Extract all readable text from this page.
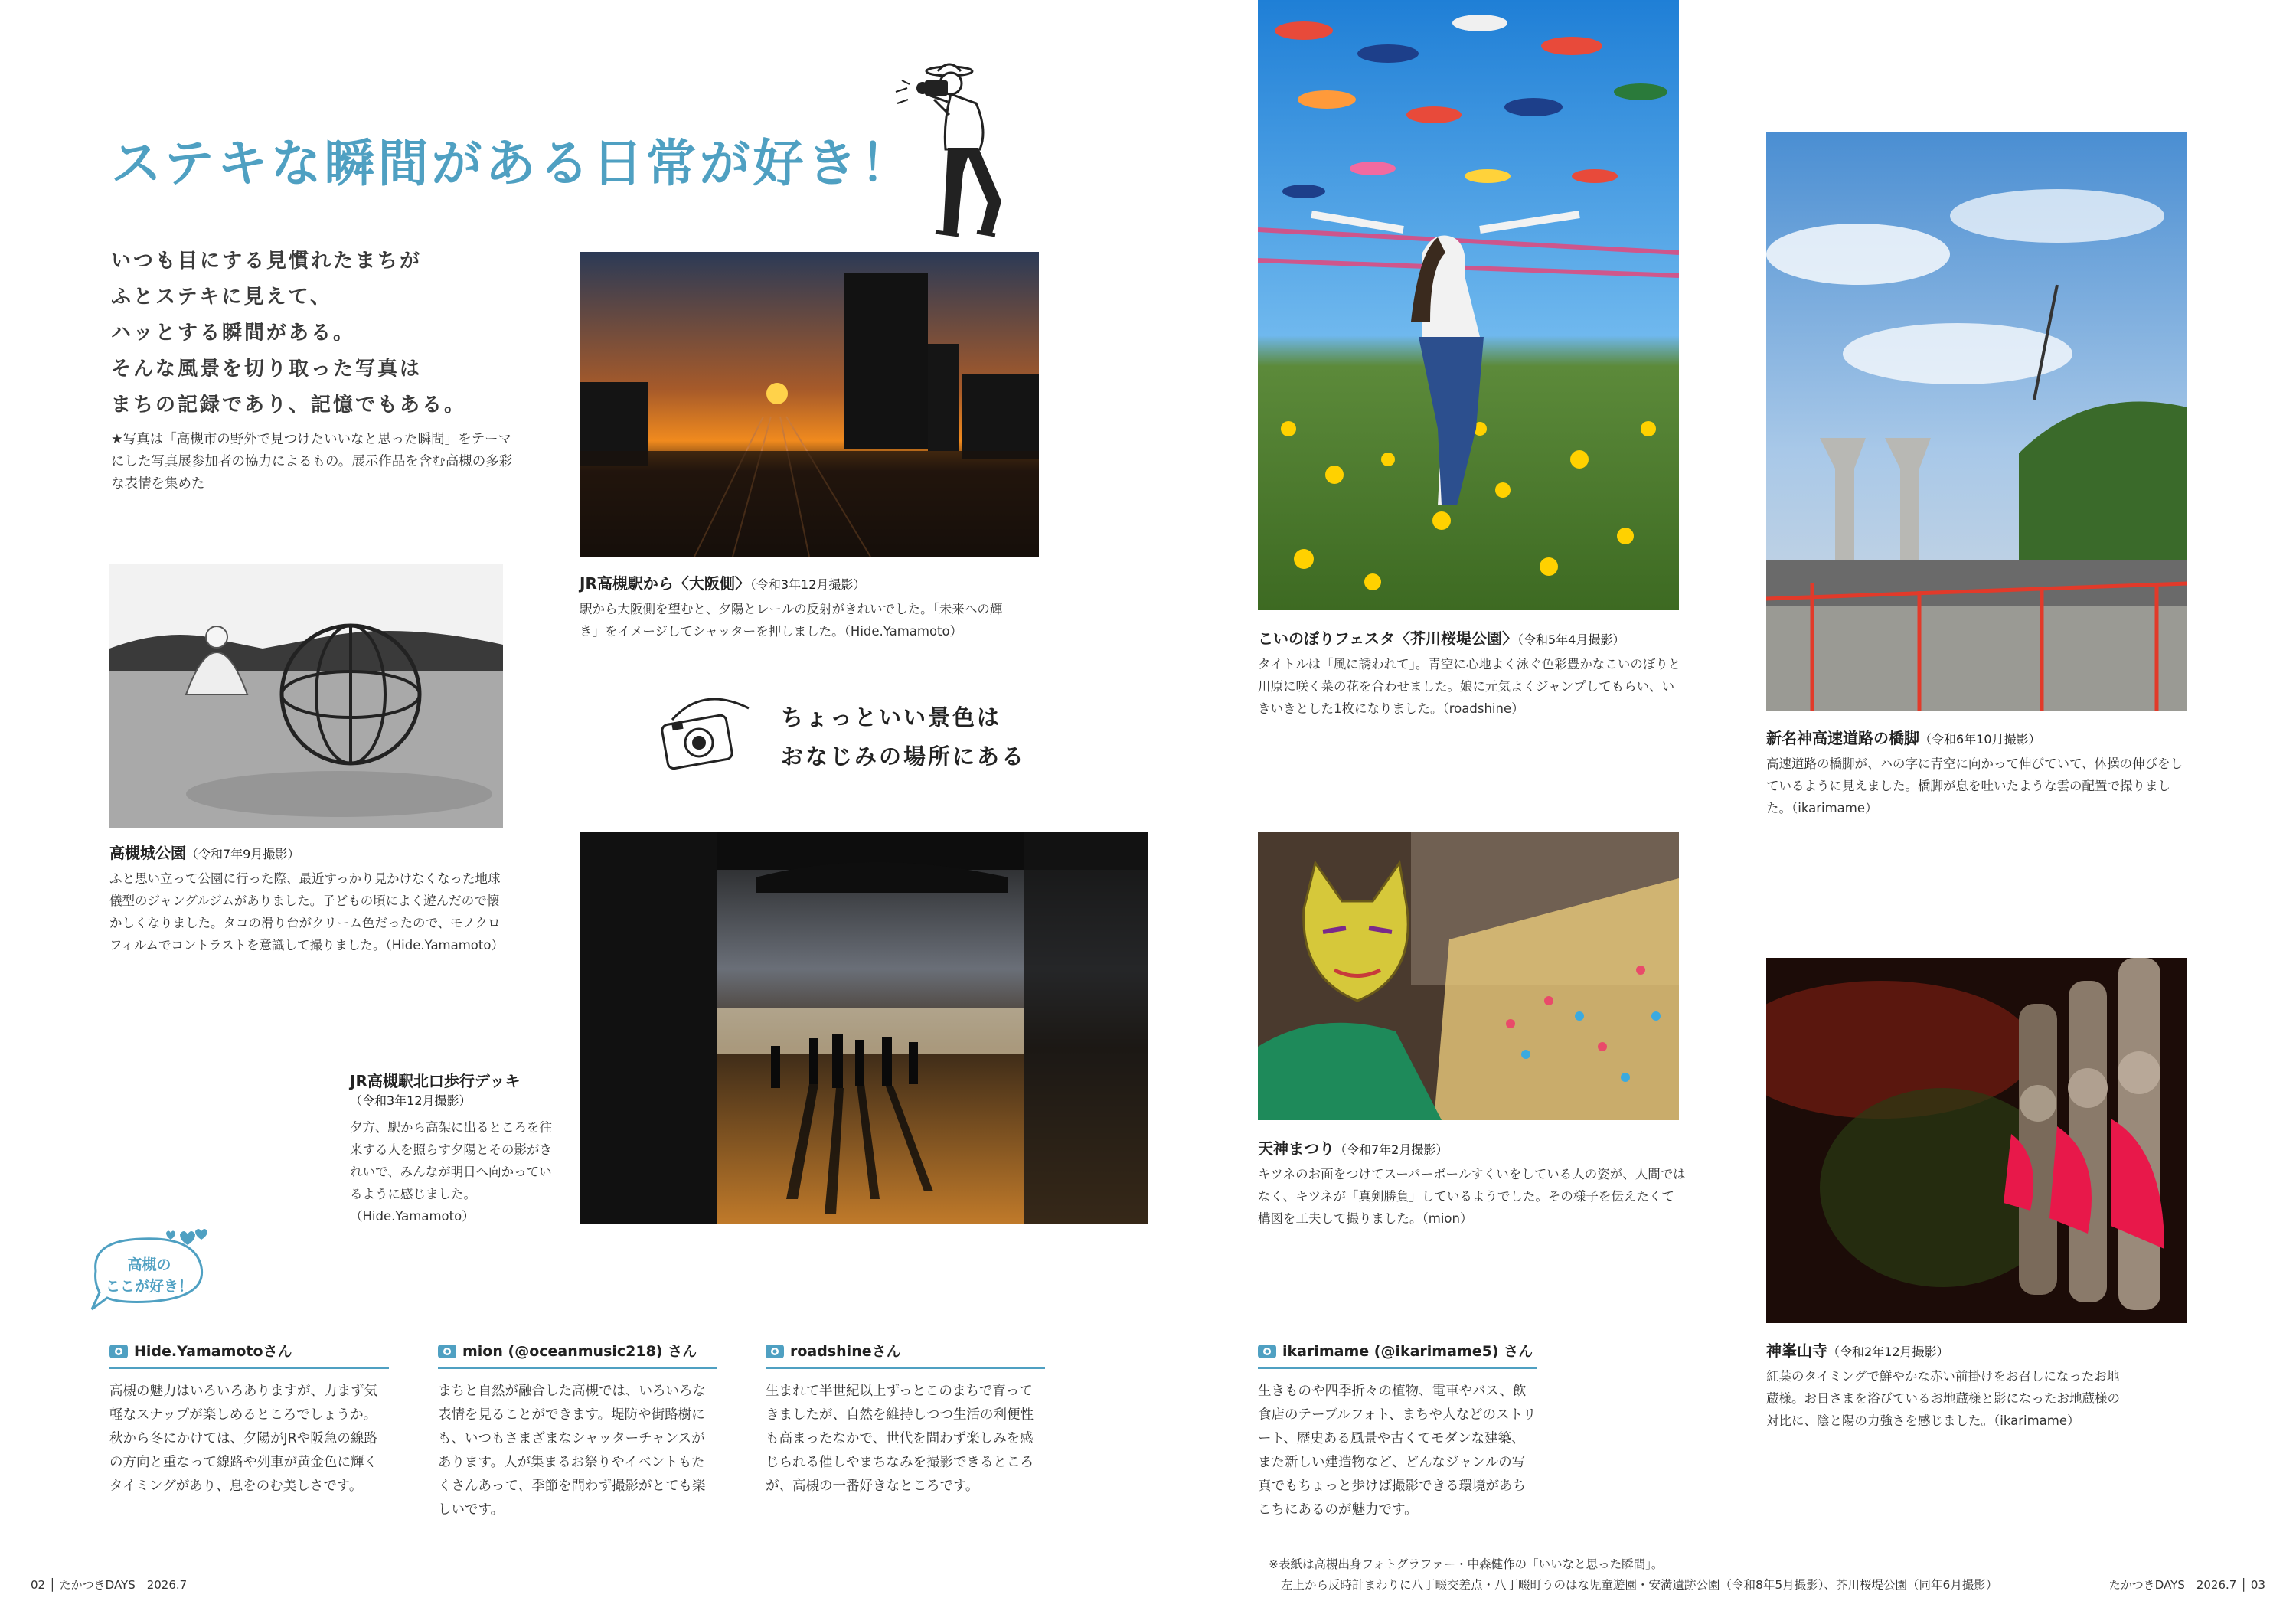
ステキな瞬間がある日常が好き！
いつも目にする見慣れたまちが
ふとステキに見えて、
ハッとする瞬間がある。
そんな風景を切り取った写真は
まちの記録であり、記憶でもある。
★写真は「高槻市の野外で見つけたいいなと思った瞬間」をテーマにした写真展参加者の協力によるもの。展示作品を含む高槻の多彩な表情を集めた
JR高槻駅から〈大阪側〉（令和3年12月撮影）
駅から大阪側を望むと、夕陽とレールの反射がきれいでした。「未来への輝き」をイメージしてシャッターを押しました。（Hide.Yamamoto）
高槻城公園（令和7年9月撮影）
ふと思い立って公園に行った際、最近すっかり見かけなくなった地球儀型のジャングルジムがありました。子どもの頃によく遊んだので懐かしくなりました。タコの滑り台がクリーム色だったので、モノクロフィルムでコントラストを意識して撮りました。（Hide.Yamamoto）
ちょっといい景色は
おなじみの場所にある
JR高槻駅北口歩行デッキ
（令和3年12月撮影）
夕方、駅から高架に出るところを往来する人を照らす夕陽とその影がきれいで、みんなが明日へ向かっているように感じました。（Hide.Yamamoto）
高槻の
ここが好き！
Hide.Yamamotoさん
高槻の魅力はいろいろありますが、力まず気軽なスナップが楽しめるところでしょうか。秋から冬にかけては、夕陽がJRや阪急の線路の方向と重なって線路や列車が黄金色に輝くタイミングがあり、息をのむ美しさです。
mion (@oceanmusic218) さん
まちと自然が融合した高槻では、いろいろな表情を見ることができます。堤防や街路樹にも、いつもさまざまなシャッターチャンスがあります。人が集まるお祭りやイベントもたくさんあって、季節を問わず撮影がとても楽しいです。
roadshineさん
生まれて半世紀以上ずっとこのまちで育ってきましたが、自然を維持しつつ生活の利便性も高まったなかで、世代を問わず楽しみを感じられる催しやまちなみを撮影できるところが、高槻の一番好きなところです。
ikarimame (@ikarimame5) さん
生きものや四季折々の植物、電車やバス、飲食店のテーブルフォト、まちや人などのストリート、歴史ある風景や古くてモダンな建築、また新しい建造物など、どんなジャンルの写真でもちょっと歩けば撮影できる環境があちこちにあるのが魅力です。
こいのぼりフェスタ〈芥川桜堤公園〉（令和5年4月撮影）
タイトルは「風に誘われて」。青空に心地よく泳ぐ色彩豊かなこいのぼりと川原に咲く菜の花を合わせました。娘に元気よくジャンプしてもらい、いきいきとした1枚になりました。（roadshine）
天神まつり（令和7年2月撮影）
キツネのお面をつけてスーパーボールすくいをしている人の姿が、人間ではなく、キツネが「真剣勝負」しているようでした。その様子を伝えたくて構図を工夫して撮りました。（mion）
新名神高速道路の橋脚（令和6年10月撮影）
高速道路の橋脚が、ハの字に青空に向かって伸びていて、体操の伸びをしているように見えました。橋脚が息を吐いたような雲の配置で撮りました。（ikarimame）
神峯山寺（令和2年12月撮影）
紅葉のタイミングで鮮やかな赤い前掛けをお召しになったお地蔵様。お日さまを浴びているお地蔵様と影になったお地蔵様の対比に、陰と陽の力強さを感じました。（ikarimame）
※表紙は高槻出身フォトグラファー・中森健作の「いいなと思った瞬間」。
左上から反時計まわりに八丁畷交差点・八丁畷町うのはな児童遊園・安満遺跡公園（令和8年5月撮影）、芥川桜堤公園（同年6月撮影）
02 │ たかつきDAYS　2026.7	たかつきDAYS　2026.7 │ 03
